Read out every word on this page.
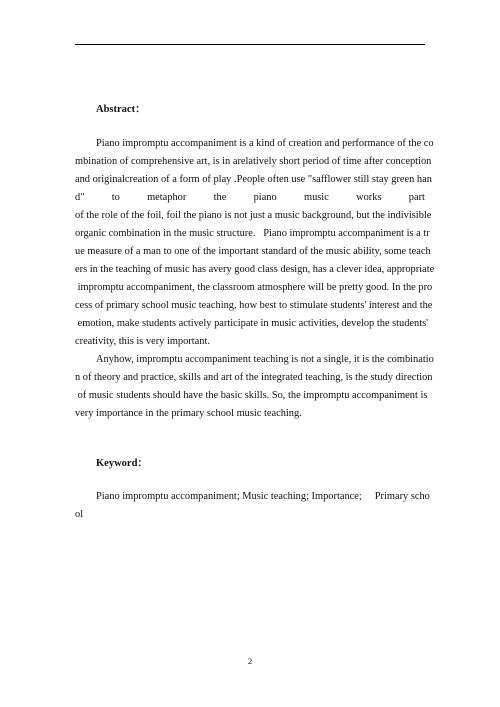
Abstract：
Piano impromptu accompaniment is a kind of creation and performance of the co
mbination of comprehensive art, is in arelatively short period of time after conception
and originalcreation of a form of play .People often use "safflower still stay green han
d"	to	metaphor	the	piano	music	works	part
of the role of the foil, foil the piano is not just a music background, but the indivisible
organic combination in the music structure.   Piano impromptu accompaniment is a tr
ue measure of a man to one of the important standard of the music ability, some teach
ers in the teaching of music has avery good class design, has a clever idea, appropriate
impromptu accompaniment, the classroom atmosphere will be pretty good. In the pro
cess of primary school music teaching, how best to stimulate students' interest and the
emotion, make students actively participate in music activities, develop the students'
creativity, this is very important.
Anyhow, impromptu accompaniment teaching is not a single, it is the combinatio
n of theory and practice, skills and art of the integrated teaching, is the study direction
of music students should have the basic skills. So, the impromptu accompaniment is
very importance in the primary school music teaching.
Keyword：
Piano impromptu accompaniment; Music teaching; Importance;     Primary scho
ol
2
